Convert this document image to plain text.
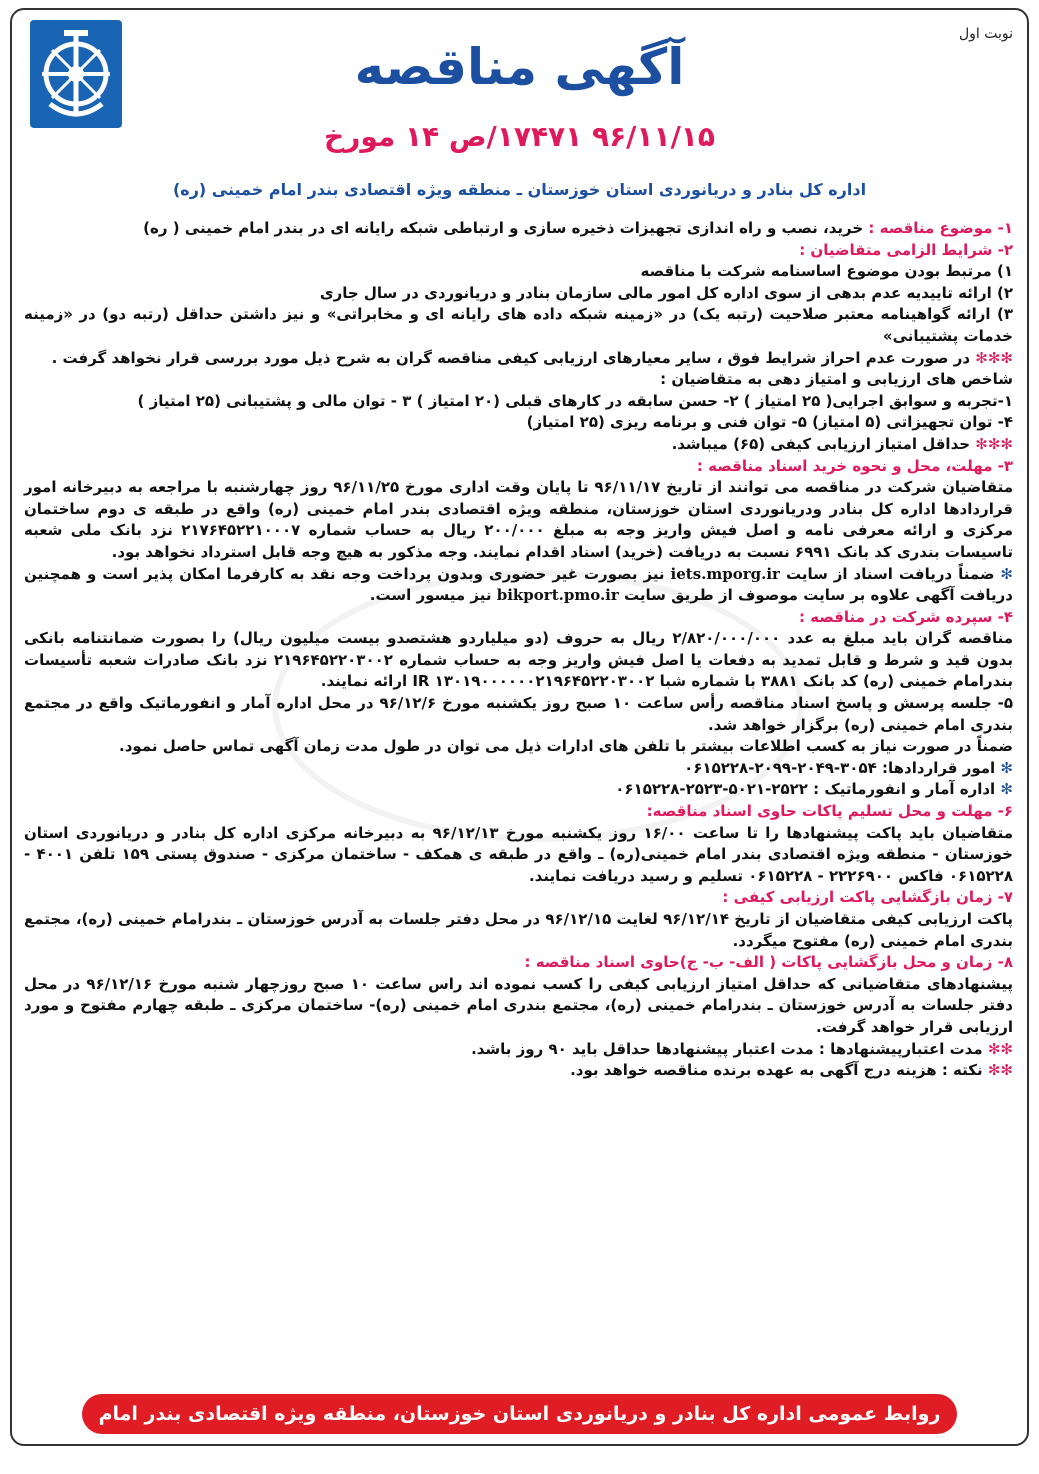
نوبت اول
آگهی مناقصه
۹۶/۱۱/۱۵ ۱۷۴۷۱/ص ۱۴ مورخ
اداره کل بنادر و دریانوردی استان خوزستان ـ منطقه ویژه اقتصادی بندر امام خمینی (ره)

۱- موضوع مناقصه : خرید، نصب و راه اندازی تجهیزات ذخیره سازی و ارتباطی شبکه رایانه ای در بندر امام خمینی ( ره)

۲- شرایط الزامی متقاضیان :

۱) مرتبط بودن موضوع اساسنامه شرکت با مناقصه

۲) ارائه تاییدیه عدم بدهی از سوی اداره کل امور مالی سازمان بنادر و دریانوردی در سال جاری

۳) ارائه گواهینامه معتبر صلاحیت (رتبه یک) در «زمینه شبکه داده های رایانه ای و مخابراتی» و نیز داشتن حداقل (رتبه دو) در «زمینه خدمات پشتیبانی»

✻✻✻ در صورت عدم احراز شرایط فوق ، سایر معیارهای ارزیابی کیفی مناقصه گران به شرح ذیل مورد بررسی قرار نخواهد گرفت .

شاخص های ارزیابی و امتیاز دهی به متقاضیان :

۱-تجربه و سوابق اجرایی( ۲۵ امتیاز ) ۲- حسن سابقه در کارهای قبلی (۲۰ امتیاز ) ۳ - توان مالی و پشتیبانی (۲۵ امتیاز )

۴- توان تجهیزاتی (۵ امتیاز) ۵- توان فنی و برنامه ریزی (۲۵ امتیاز)

✻✻✻ حداقل امتیاز ارزیابی کیفی (۶۵) میباشد.

۳- مهلت، محل و نحوه خرید اسناد مناقصه :

متقاضیان شرکت در مناقصه می توانند از تاریخ ۹۶/۱۱/۱۷ تا پایان وقت اداری مورخ ۹۶/۱۱/۲۵ روز چهارشنبه با مراجعه به دبیرخانه امور قراردادها اداره کل بنادر ودریانوردی استان خوزستان، منطقه ویژه اقتصادی بندر امام خمینی (ره) واقع در طبقه ی دوم ساختمان مرکزی و ارائه معرفی نامه و اصل فیش واریز وجه به مبلغ ۲۰۰/۰۰۰ ریال به حساب شماره ۲۱۷۶۴۵۲۲۱۰۰۰۷ نزد بانک ملی شعبه تاسیسات بندری کد بانک ۶۹۹۱ نسبت به دریافت (خرید) اسناد اقدام نمایند. وجه مذکور به هیچ وجه قابل استرداد نخواهد بود.

✻ ضمناً دریافت اسناد از سایت iets.mporg.ir نیز بصورت غیر حضوری وبدون پرداخت وجه نقد به کارفرما امکان پذیر است و همچنین دریافت آگهی علاوه بر سایت موصوف از طریق سایت bikport.pmo.ir نیز میسور است.

۴- سپرده شرکت در مناقصه :

مناقصه گران باید مبلغ به عدد ۲/۸۲۰/۰۰۰/۰۰۰ ریال به حروف (دو میلیاردو هشتصدو بیست میلیون ریال) را بصورت ضمانتنامه بانکی بدون قید و شرط و قابل تمدید به دفعات یا اصل فیش واریز وجه به حساب شماره ۲۱۹۶۴۵۲۲۰۳۰۰۲ نزد بانک صادرات شعبه تأسیسات بندرامام خمینی (ره) کد بانک ۳۸۸۱ با شماره شبا IR ۱۳۰۱۹۰۰۰۰۰۰۲۱۹۶۴۵۲۲۰۳۰۰۲ ارائه نمایند.

۵- جلسه پرسش و پاسخ اسناد مناقصه رأس ساعت ۱۰ صبح روز یکشنبه مورخ ۹۶/۱۲/۶ در محل اداره آمار و انفورماتیک واقع در مجتمع بندری امام خمینی (ره) برگزار خواهد شد.

ضمناً در صورت نیاز به کسب اطلاعات بیشتر با تلفن های ادارات ذیل می توان در طول مدت زمان آگهی تماس حاصل نمود.

✻ امور قراردادها: ۳۰۵۴-۲۰۴۹-۲۰۹۹-۰۶۱۵۲۲۸

✻ اداره آمار و انفورماتیک : ۲۵۲۲-۵۰۲۱-۲۵۲۳-۰۶۱۵۲۲۸

۶- مهلت و محل تسلیم پاکات حاوی اسناد مناقصه:

متقاضیان باید پاکت پیشنهادها را تا ساعت ۱۶/۰۰ روز یکشنبه مورخ ۹۶/۱۲/۱۳ به دبیرخانه مرکزی اداره کل بنادر و دریانوردی استان خوزستان - منطقه ویژه اقتصادی بندر امام خمینی(ره) ـ واقع در طبقه ی همکف - ساختمان مرکزی - صندوق پستی ۱۵۹ تلفن ۴۰۰۱ - ۰۶۱۵۲۲۸ فاکس ۲۲۲۶۹۰۰ - ۰۶۱۵۲۲۸ تسلیم و رسید دریافت نمایند.

۷- زمان بازگشایی پاکت ارزیابی کیفی :

پاکت ارزیابی کیفی متقاضیان از تاریخ ۹۶/۱۲/۱۴ لغایت ۹۶/۱۲/۱۵ در محل دفتر جلسات به آدرس خوزستان ـ بندرامام خمینی (ره)، مجتمع بندری امام خمینی (ره) مفتوح میگردد.

۸- زمان و محل بازگشایی پاکات ( الف- ب- ج)حاوی اسناد مناقصه :

پیشنهادهای متقاضیانی که حداقل امتیاز ارزیابی کیفی را کسب نموده اند راس ساعت ۱۰ صبح روزچهار شنبه مورخ ۹۶/۱۲/۱۶ در محل دفتر جلسات به آدرس خوزستان ـ بندرامام خمینی (ره)، مجتمع بندری امام خمینی (ره)- ساختمان مرکزی ـ طبقه چهارم مفتوح و مورد ارزیابی قرار خواهد گرفت.

✻✻ مدت اعتبارپیشنهادها : مدت اعتبار پیشنهادها حداقل باید ۹۰ روز باشد.

✻✻ نکته : هزینه درج آگهی به عهده برنده مناقصه خواهد بود.

روابط عمومی اداره کل بنادر و دریانوردی استان خوزستان، منطقه ویژه اقتصادی بندر امام خمینی (ره)
